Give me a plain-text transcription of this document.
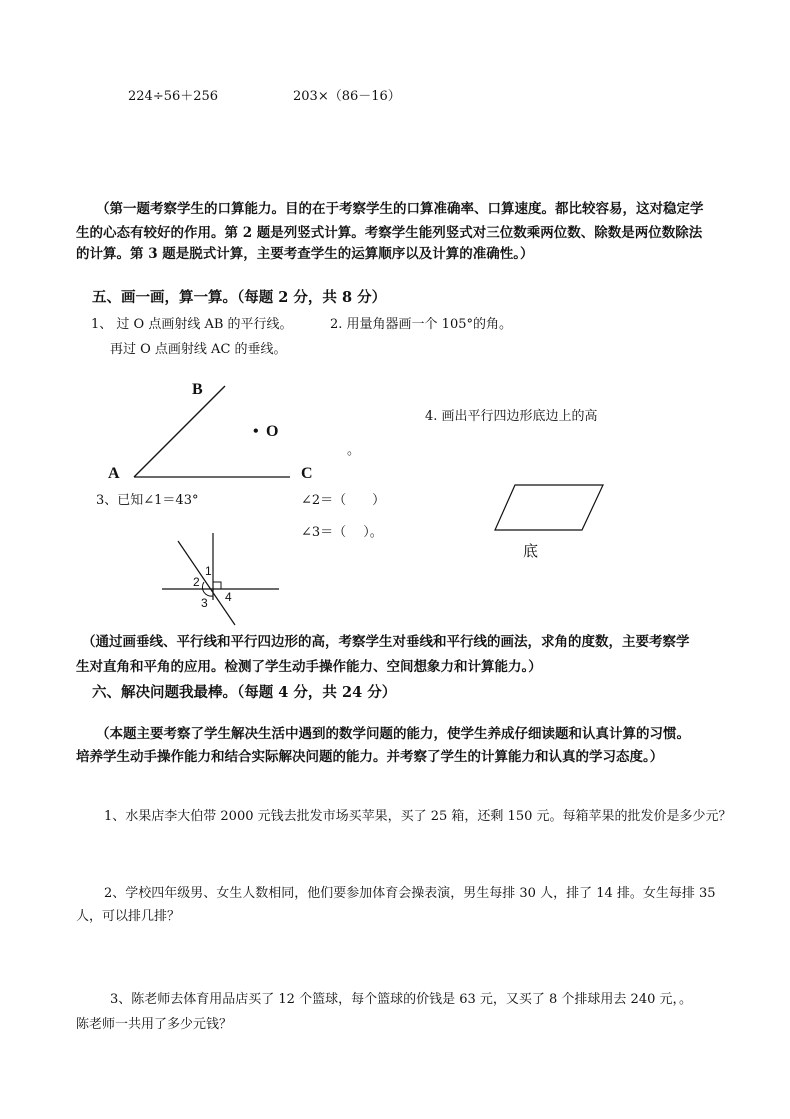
224÷56＋256	203×（86－16）
（第一题考察学生的口算能力。目的在于考察学生的口算准确率、口算速度。都比较容易，这对稳定学
生的心态有较好的作用。第 2 题是列竖式计算。考察学生能列竖式对三位数乘两位数、除数是两位数除法
的计算。第 3 题是脱式计算，主要考查学生的运算顺序以及计算的准确性。）
五、画一画，算一算。（每题 2 分，共 8 分）
1、 过 O 点画射线 AB 的平行线。	2. 用量角器画一个 105°的角。
再过 O 点画射线 AC 的垂线。
B
• O
A	C
4. 画出平行四边形底边上的高
。
3、已知∠1＝43°	∠2＝（　　）
∠3＝（　 ）。
底
1
2
3 4
（通过画垂线、平行线和平行四边形的高，考察学生对垂线和平行线的画法，求角的度数，主要考察学
生对直角和平角的应用。检测了学生动手操作能力、空间想象力和计算能力。）
六、解决问题我最棒。（每题 4 分，共 24 分）
（本题主要考察了学生解决生活中遇到的数学问题的能力，使学生养成仔细读题和认真计算的习惯。
培养学生动手操作能力和结合实际解决问题的能力。并考察了学生的计算能力和认真的学习态度。）
1、水果店李大伯带 2000 元钱去批发市场买苹果，买了 25 箱，还剩 150 元。每箱苹果的批发价是多少元？
2、学校四年级男、女生人数相同，他们要参加体育会操表演，男生每排 30 人，排了 14 排。女生每排 35
人，可以排几排？
3、陈老师去体育用品店买了 12 个篮球，每个篮球的价钱是 63 元，又买了 8 个排球用去 240 元，。
陈老师一共用了多少元钱？
